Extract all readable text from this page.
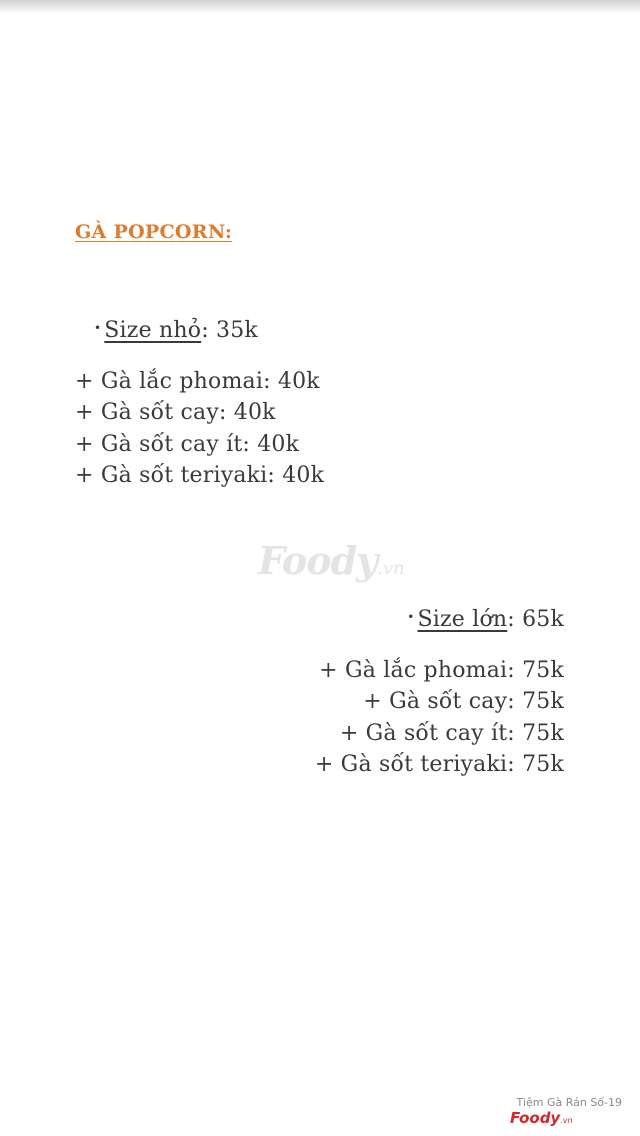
GÀ POPCORN:
• Size nhỏ: 35k
+ Gà lắc phomai: 40k
+ Gà sốt cay: 40k
+ Gà sốt cay ít: 40k
+ Gà sốt teriyaki: 40k
Foody.vn
• Size lớn: 65k
+ Gà lắc phomai: 75k
+ Gà sốt cay: 75k
+ Gà sốt cay ít: 75k
+ Gà sốt teriyaki: 75k
Tiệm Gà Rán Số-19
Foody.vn
